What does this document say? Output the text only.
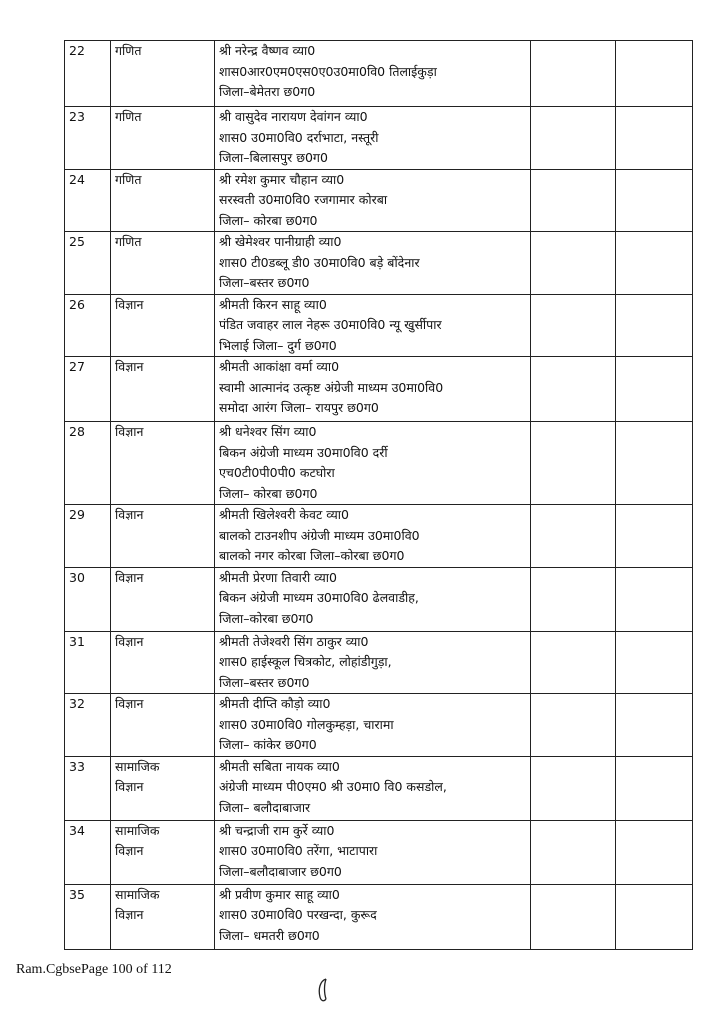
22	गणित	श्री नरेन्द्र वैष्णव व्या0
शास0आर0एम0एस0ए0उ0मा0वि0 तिलाईकुड़ा
जिला–बेमेतरा छ0ग0		

23	गणित	श्री वासुदेव नारायण देवांगन व्या0
शास0 उ0मा0वि0 दर्राभाटा, नस्तूरी
जिला–बिलासपुर छ0ग0		

24	गणित	श्री रमेश कुमार चौहान व्या0
सरस्वती उ0मा0वि0 रजगामार कोरबा
जिला– कोरबा छ0ग0		

25	गणित	श्री खेमेश्वर पानीग्राही व्या0
शास0 टी0डब्लू डी0 उ0मा0वि0 बड़े बोंदेनार
जिला–बस्तर छ0ग0		

26	विज्ञान	श्रीमती किरन साहू व्या0
पंडित जवाहर लाल नेहरू उ0मा0वि0 न्यू खुर्सीपार
भिलाई जिला– दुर्ग छ0ग0		

27	विज्ञान	श्रीमती आकांक्षा वर्मा व्या0
स्वामी आत्मानंद उत्कृष्ट अंग्रेजी माध्यम उ0मा0वि0
समोदा आरंग जिला– रायपुर छ0ग0		

28	विज्ञान	श्री धनेश्वर सिंग व्या0
बिकन अंग्रेजी माध्यम उ0मा0वि0 दर्री
एच0टी0पी0पी0 कटघोरा
जिला– कोरबा छ0ग0		

29	विज्ञान	श्रीमती खिलेश्वरी केवट व्या0
बालको टाउनशीप अंग्रेजी माध्यम उ0मा0वि0
बालको नगर कोरबा जिला–कोरबा छ0ग0		

30	विज्ञान	श्रीमती प्रेरणा तिवारी व्या0
बिकन अंग्रेजी माध्यम उ0मा0वि0 ढेलवाडीह,
जिला–कोरबा छ0ग0		

31	विज्ञान	श्रीमती तेजेश्वरी सिंग ठाकुर व्या0
शास0 हाईस्कूल चित्रकोट, लोहांडीगुड़ा,
जिला–बस्तर छ0ग0		

32	विज्ञान	श्रीमती दीप्ति कौड़ो व्या0
शास0 उ0मा0वि0 गोलकुम्हड़ा, चारामा
जिला– कांकेर छ0ग0		

33	सामाजिक
विज्ञान	श्रीमती सबिता नायक व्या0
अंग्रेजी माध्यम पी0एम0 श्री उ0मा0 वि0 कसडोल,
जिला– बलौदाबाजार		

34	सामाजिक
विज्ञान	श्री चन्द्राजी राम कुर्रे व्या0
शास0 उ0मा0वि0 तरेंगा, भाटापारा
जिला–बलौदाबाजार छ0ग0		

35	सामाजिक
विज्ञान	श्री प्रवीण कुमार साहू व्या0
शास0 उ0मा0वि0 परखन्दा, कुरूद
जिला– धमतरी छ0ग0		

Ram.CgbsePage 100 of 112
